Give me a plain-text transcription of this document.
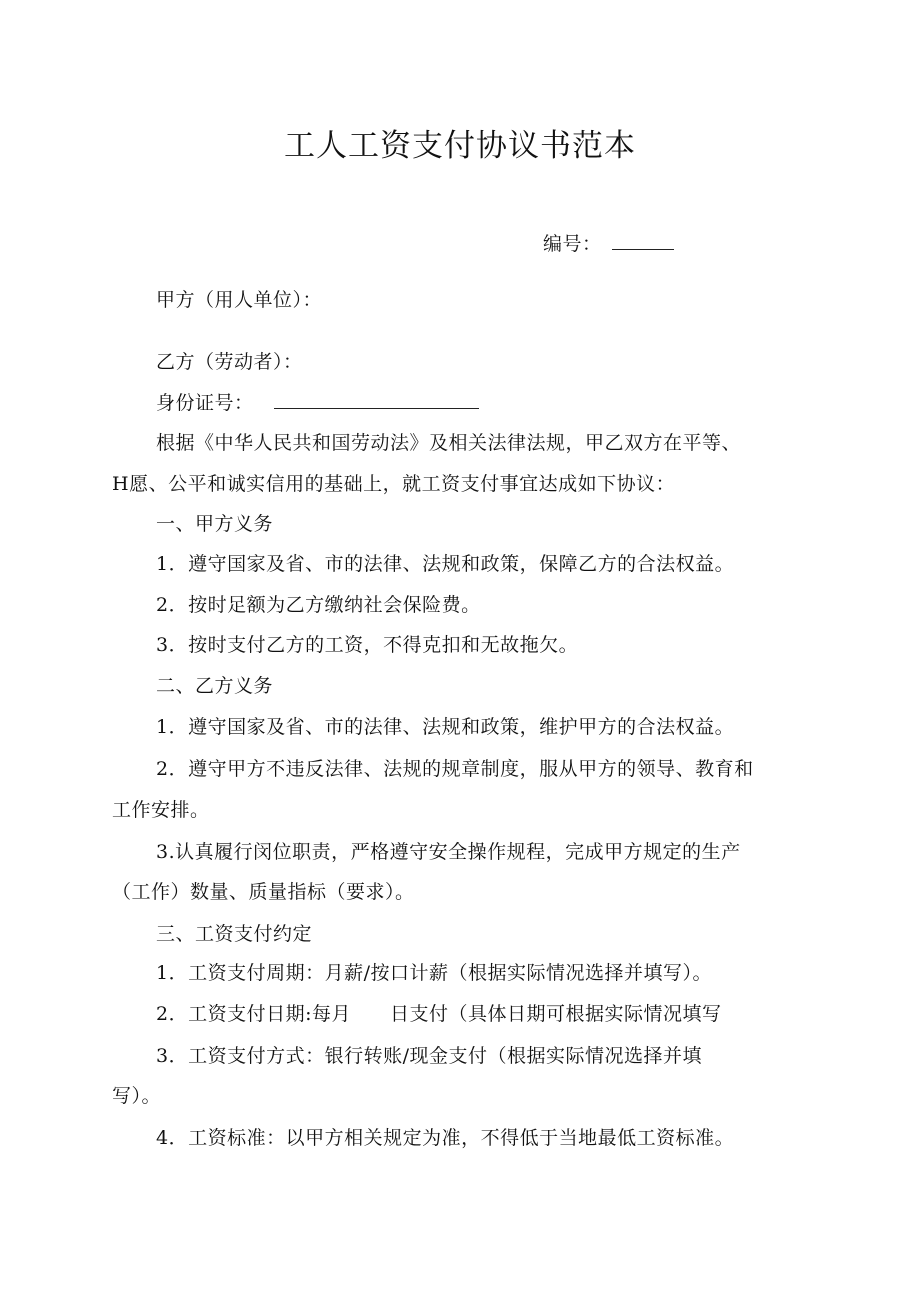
工人工资支付协议书范本
编号：
甲方（用人单位）：
乙方（劳动者）：
身份证号：
根据《中华人民共和国劳动法》及相关法律法规，甲乙双方在平等、
H愿、公平和诚实信用的基础上，就工资支付事宜达成如下协议：
一、甲方义务
1．遵守国家及省、市的法律、法规和政策，保障乙方的合法权益。
2．按时足额为乙方缴纳社会保险费。
3．按时支付乙方的工资，不得克扣和无故拖欠。
二、乙方义务
1．遵守国家及省、市的法律、法规和政策，维护甲方的合法权益。
2．遵守甲方不违反法律、法规的规章制度，服从甲方的领导、教育和
工作安排。
3.认真履行闵位职责，严格遵守安全操作规程，完成甲方规定的生产
（工作）数量、质量指标（要求）。
三、工资支付约定
1．工资支付周期：月薪/按口计薪（根据实际情况选择并填写）。
2．工资支付日期:每月　　日支付（具体日期可根据实际情况填写
3．工资支付方式：银行转账/现金支付（根据实际情况选择并填
写）。
4．工资标准：以甲方相关规定为准，不得低于当地最低工资标准。
